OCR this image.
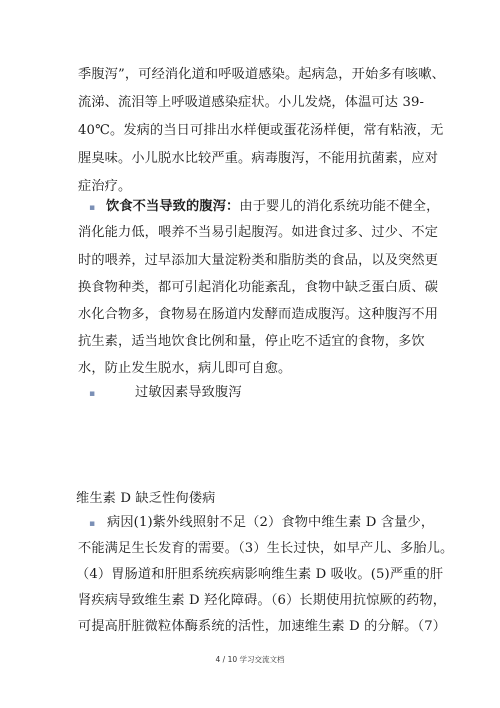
季腹泻”，可经消化道和呼吸道感染。起病急，开始多有咳嗽、
流涕、流泪等上呼吸道感染症状。小儿发烧，体温可达 39-
40℃。发病的当日可排出水样便或蛋花汤样便，常有粘液，无
腥臭味。小儿脱水比较严重。病毒腹泻，不能用抗菌素，应对
症治疗。
▪ 饮食不当导致的腹泻：由于婴儿的消化系统功能不健全，
消化能力低，喂养不当易引起腹泻。如进食过多、过少、不定
时的喂养，过早添加大量淀粉类和脂肪类的食品，以及突然更
换食物种类，都可引起消化功能紊乱，食物中缺乏蛋白质、碳
水化合物多，食物易在肠道内发酵而造成腹泻。这种腹泻不用
抗生素，适当地饮食比例和量，停止吃不适宜的食物，多饮
水，防止发生脱水，病儿即可自愈。
▪	过敏因素导致腹泻
维生素 D 缺乏性佝偻病
▪ 病因(1)紫外线照射不足（2）食物中维生素 D 含量少，
不能满足生长发育的需要。（3）生长过快，如早产儿、多胎儿。
（4）胃肠道和肝胆系统疾病影响维生素 D 吸收。(5)严重的肝
肾疾病导致维生素 D 羟化障碍。（6）长期使用抗惊厥的药物，
可提高肝脏微粒体酶系统的活性，加速维生素 D 的分解。（7）
4 / 10 学习交流文档
